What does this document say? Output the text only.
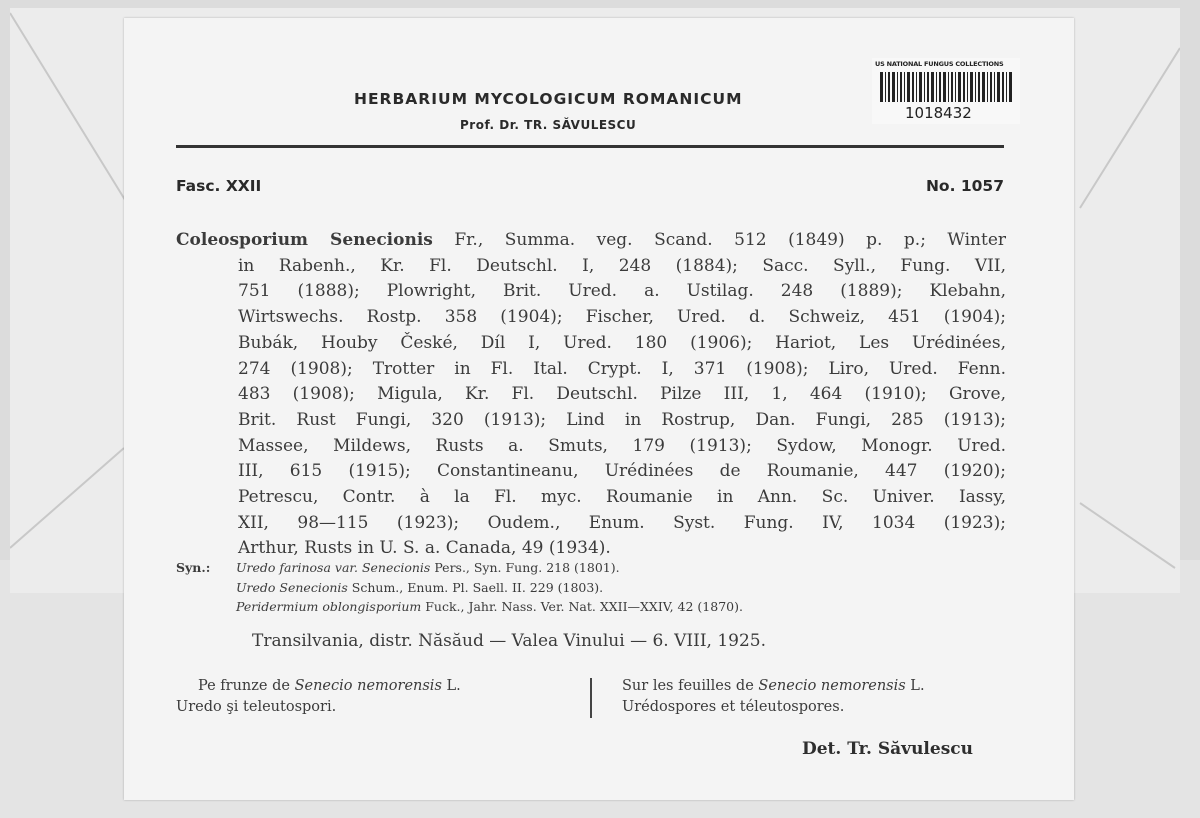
HERBARIUM MYCOLOGICUM ROMANICUM
Prof. Dr. TR. SĂVULESCU
US NATIONAL FUNGUS COLLECTIONS
1018432
Fasc. XXII	No. 1057
Coleosporium Senecionis Fr., Summa. veg. Scand. 512 (1849) p. p.; Winter
in Rabenh., Kr. Fl. Deutschl. I, 248 (1884); Sacc. Syll., Fung. VII,
751 (1888); Plowright, Brit. Ured. a. Ustilag. 248 (1889); Klebahn,
Wirtswechs. Rostp. 358 (1904); Fischer, Ured. d. Schweiz, 451 (1904);
Bubák, Houby České, Díl I, Ured. 180 (1906); Hariot, Les Urédinées,
274 (1908); Trotter in Fl. Ital. Crypt. I, 371 (1908); Liro, Ured. Fenn.
483 (1908); Migula, Kr. Fl. Deutschl. Pilze III, 1, 464 (1910); Grove,
Brit. Rust Fungi, 320 (1913); Lind in Rostrup, Dan. Fungi, 285 (1913);
Massee, Mildews, Rusts a. Smuts, 179 (1913); Sydow, Monogr. Ured.
III, 615 (1915); Constantineanu, Urédinées de Roumanie, 447 (1920);
Petrescu, Contr. à la Fl. myc. Roumanie in Ann. Sc. Univer. Iassy,
XII, 98—115 (1923); Oudem., Enum. Syst. Fung. IV, 1034 (1923);
Arthur, Rusts in U. S. a. Canada, 49 (1934).
Syn.: Uredo farinosa var. Senecionis Pers., Syn. Fung. 218 (1801).
Uredo Senecionis Schum., Enum. Pl. Saell. II. 229 (1803).
Peridermium oblongisporium Fuck., Jahr. Nass. Ver. Nat. XXII—XXIV, 42 (1870).
Transilvania, distr. Năsăud — Valea Vinului — 6. VIII, 1925.
Pe frunze de Senecio nemorensis L.
Uredo şi teleutospori.
Sur les feuilles de Senecio nemorensis L.
Urédospores et téleutospores.
Det. Tr. Săvulescu
